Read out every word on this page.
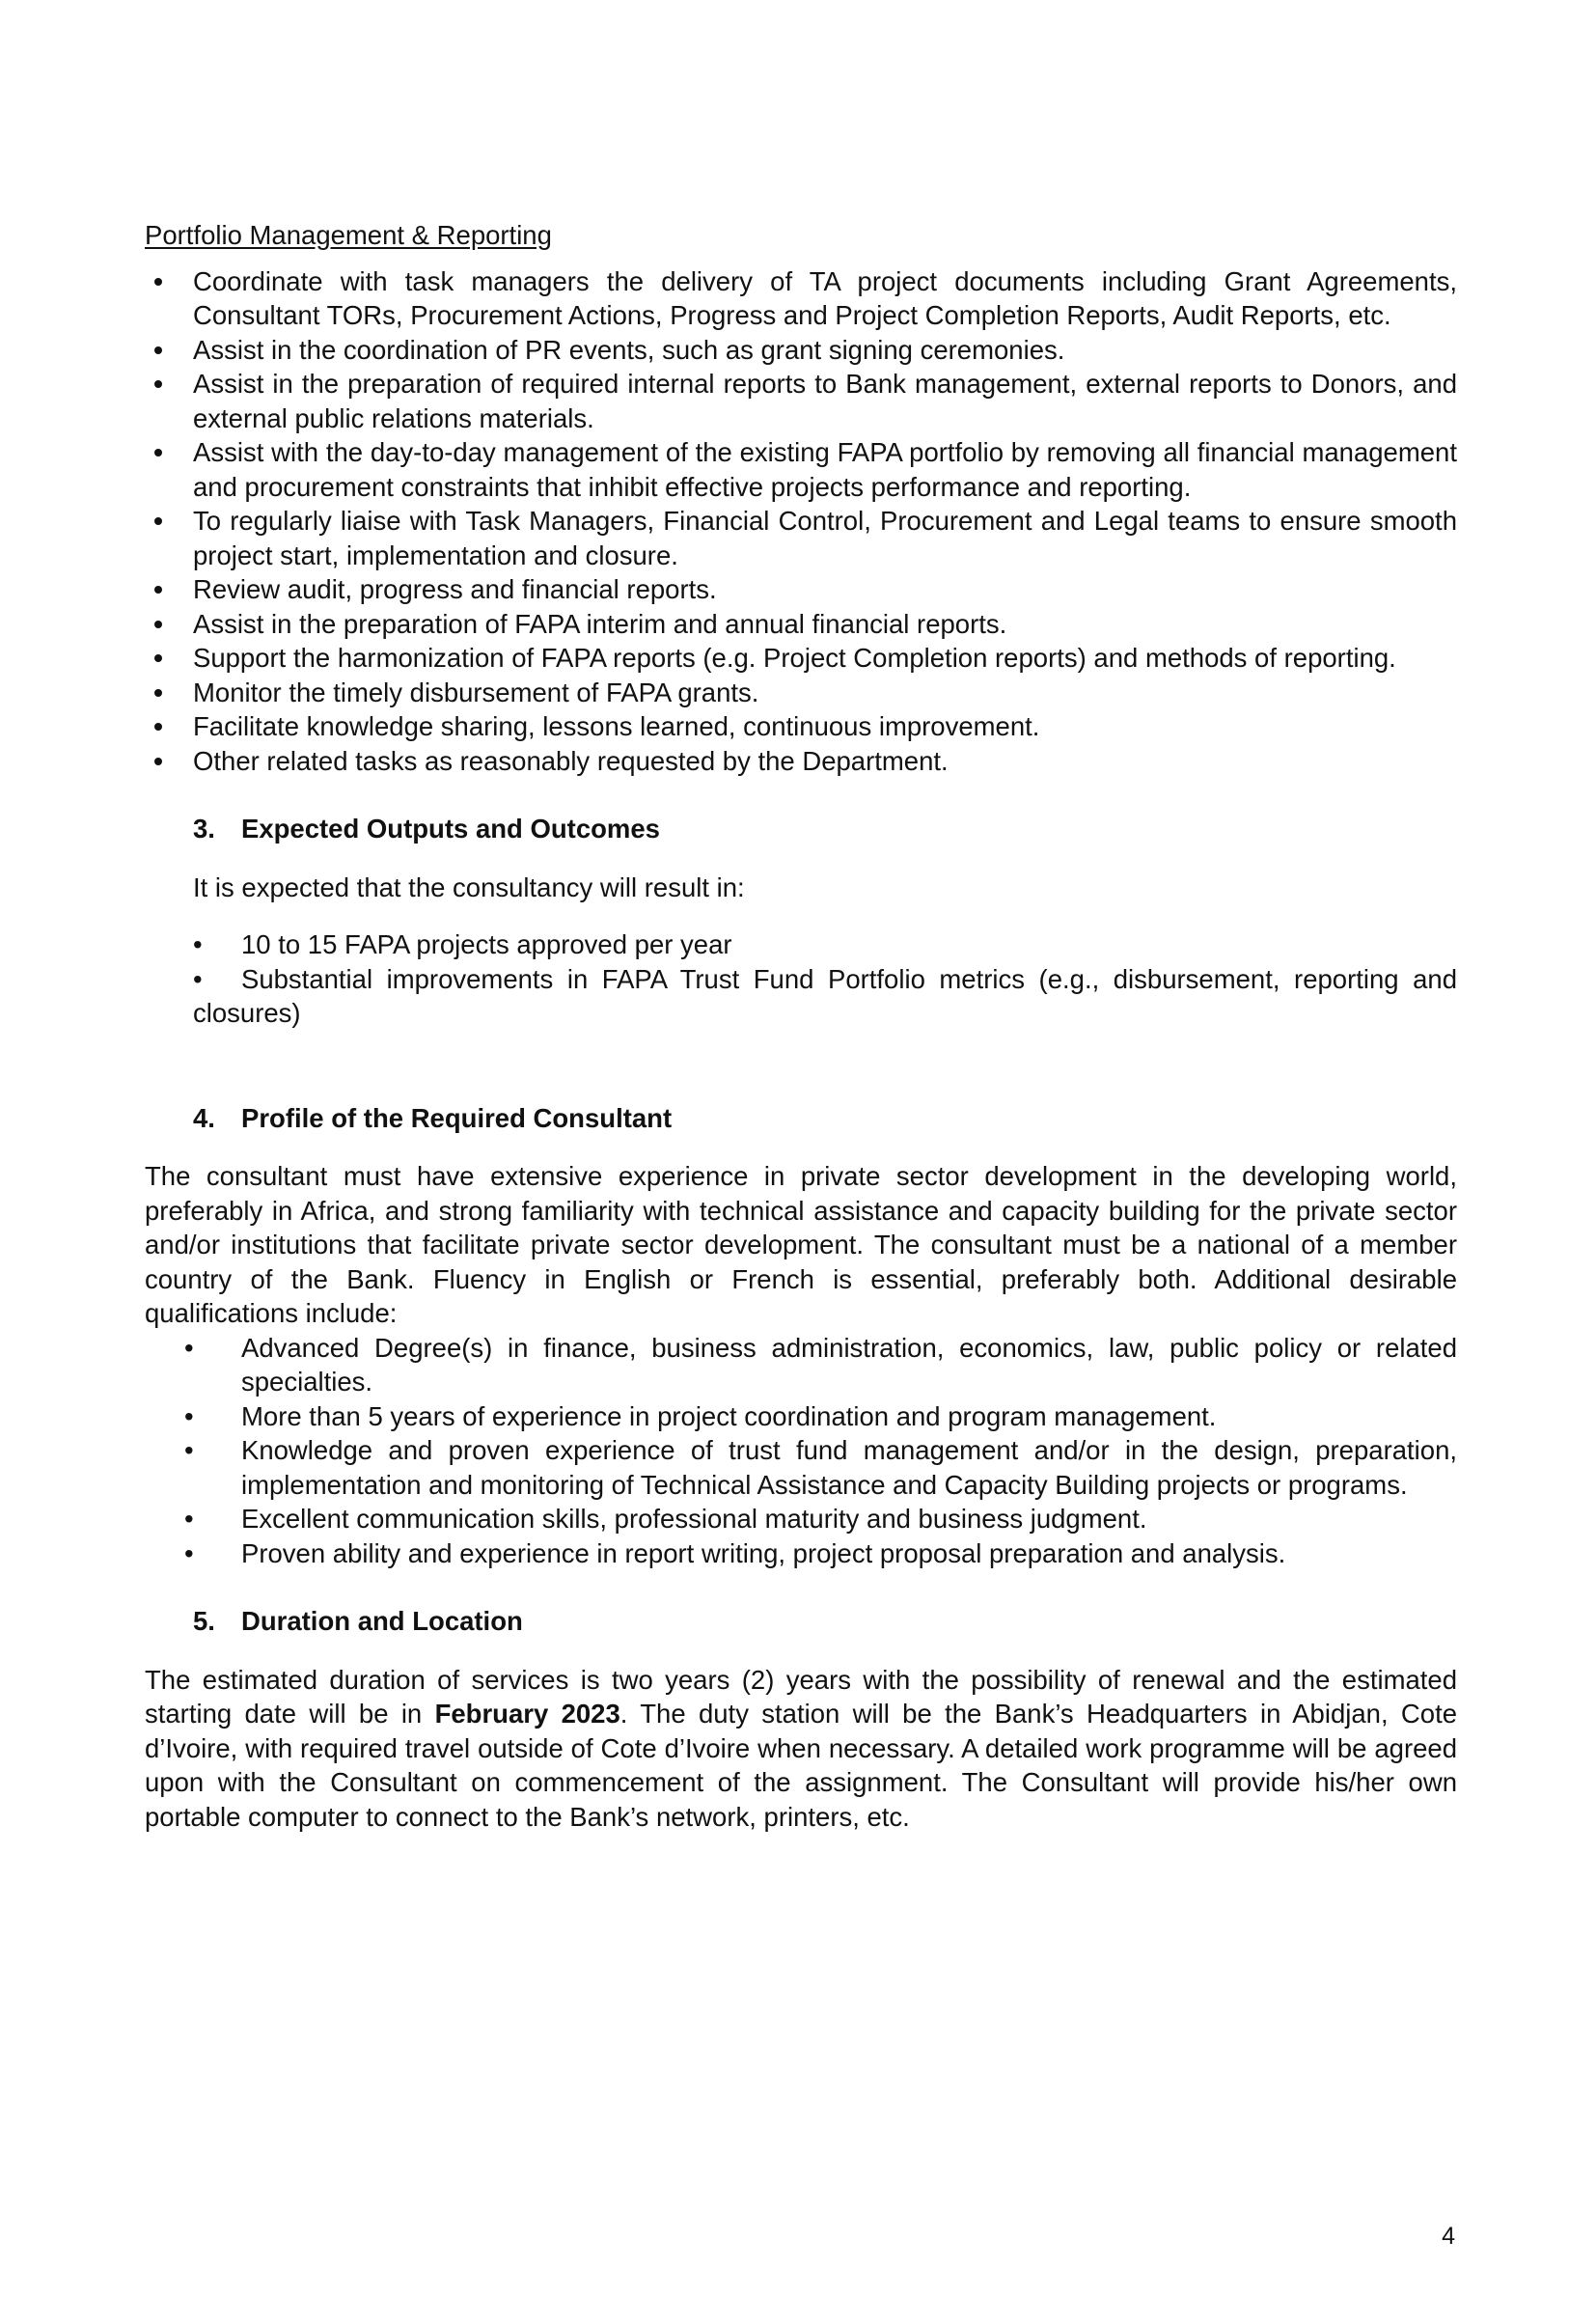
Portfolio Management & Reporting

Coordinate with task managers the delivery of TA project documents including Grant Agreements, Consultant TORs, Procurement Actions, Progress and Project Completion Reports, Audit Reports, etc.
Assist in the coordination of PR events, such as grant signing ceremonies.
Assist in the preparation of required internal reports to Bank management, external reports to Donors, and external public relations materials.
Assist with the day-to-day management of the existing FAPA portfolio by removing all financial management and procurement constraints that inhibit effective projects performance and reporting.
To regularly liaise with Task Managers, Financial Control, Procurement and Legal teams to ensure smooth project start, implementation and closure.
Review audit, progress and financial reports.
Assist in the preparation of FAPA interim and annual financial reports.
Support the harmonization of FAPA reports (e.g. Project Completion reports) and methods of reporting.
Monitor the timely disbursement of FAPA grants.
Facilitate knowledge sharing, lessons learned, continuous improvement.
Other related tasks as reasonably requested by the Department.
3. Expected Outputs and Outcomes

It is expected that the consultancy will result in:

• 10 to 15 FAPA projects approved per year
• Substantial improvements in FAPA Trust Fund Portfolio metrics (e.g., disbursement, reporting and closures)
4. Profile of the Required Consultant

The consultant must have extensive experience in private sector development in the developing world, preferably in Africa, and strong familiarity with technical assistance and capacity building for the private sector and/or institutions that facilitate private sector development. The consultant must be a national of a member country of the Bank. Fluency in English or French is essential, preferably both. Additional desirable qualifications include:

• Advanced Degree(s) in finance, business administration, economics, law, public policy or related specialties.
• More than 5 years of experience in project coordination and program management.
• Knowledge and proven experience of trust fund management and/or in the design, preparation, implementation and monitoring of Technical Assistance and Capacity Building projects or programs.
• Excellent communication skills, professional maturity and business judgment.
• Proven ability and experience in report writing, project proposal preparation and analysis.
5. Duration and Location

The estimated duration of services is two years (2) years with the possibility of renewal and the estimated starting date will be in February 2023. The duty station will be the Bank’s Headquarters in Abidjan, Cote d’Ivoire, with required travel outside of Cote d’Ivoire when necessary. A detailed work programme will be agreed upon with the Consultant on commencement of the assignment. The Consultant will provide his/her own portable computer to connect to the Bank’s network, printers, etc.

4
